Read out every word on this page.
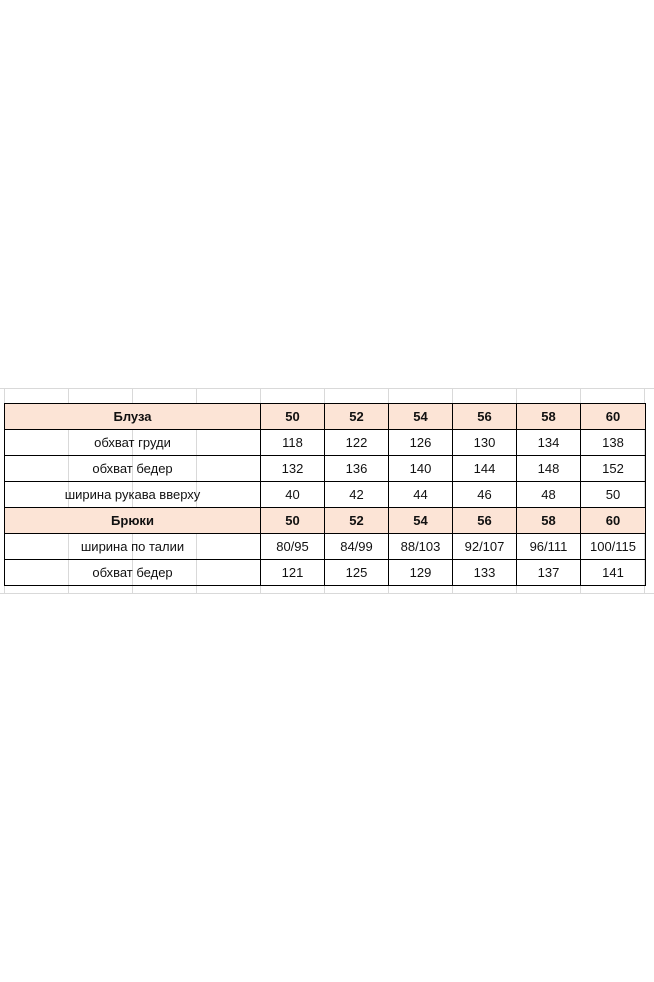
Блуза	50	52	54	56	58	60
обхват груди	118	122	126	130	134	138
обхват бедер	132	136	140	144	148	152
ширина рукава вверху	40	42	44	46	48	50
Брюки	50	52	54	56	58	60
ширина по талии	80/95	84/99	88/103	92/107	96/111	100/115
обхват бедер	121	125	129	133	137	141
